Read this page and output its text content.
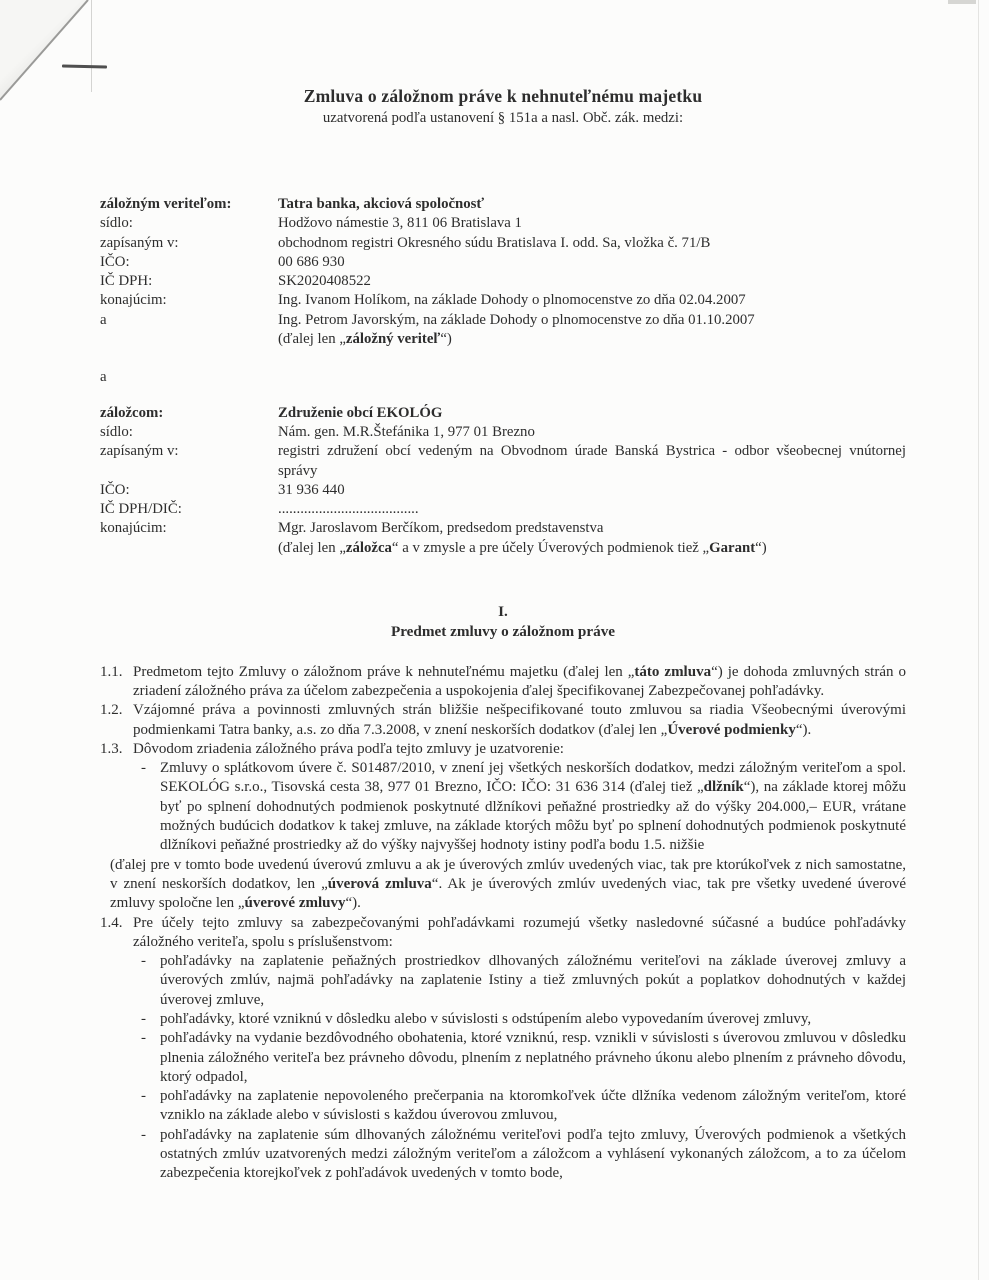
Zmluva o záložnom práve k nehnuteľnému majetku
uzatvorená podľa ustanovení § 151a a nasl. Obč. zák. medzi:
záložným veriteľom:	Tatra banka, akciová spoločnosť
sídlo:	Hodžovo námestie 3, 811 06 Bratislava 1
zapísaným v:	obchodnom registri Okresného súdu Bratislava I. odd. Sa, vložka č. 71/B
IČO:	00 686 930
IČ DPH:	SK2020408522
konajúcim:	Ing. Ivanom Holíkom, na základe Dohody o plnomocenstve zo dňa 02.04.2007
a	Ing. Petrom Javorským, na základe Dohody o plnomocenstve zo dňa 01.10.2007
(ďalej len „záložný veriteľ“)
a
záložcom:	Združenie obcí EKOLÓG
sídlo:	Nám. gen. M.R.Štefánika 1, 977 01 Brezno
zapísaným v:	registri združení obcí vedeným na Obvodnom úrade Banská Bystrica - odbor všeobecnej vnútornej správy
IČO:	31 936 440
IČ DPH/DIČ:	......................................
konajúcim:	Mgr. Jaroslavom Berčíkom, predsedom predstavenstva
(ďalej len „záložca“ a v zmysle a pre účely Úverových podmienok tiež „Garant“)
I.
Predmet zmluvy o záložnom práve
1.1. Predmetom tejto Zmluvy o záložnom práve k nehnuteľnému majetku (ďalej len „táto zmluva“) je dohoda zmluvných strán o zriadení záložného práva za účelom zabezpečenia a uspokojenia ďalej špecifikovanej Zabezpečovanej pohľadávky.
1.2. Vzájomné práva a povinnosti zmluvných strán bližšie nešpecifikované touto zmluvou sa riadia Všeobecnými úverovými podmienkami Tatra banky, a.s. zo dňa 7.3.2008, v znení neskorších dodatkov (ďalej len „Úverové podmienky“).
1.3. Dôvodom zriadenia záložného práva podľa tejto zmluvy je uzatvorenie:
- Zmluvy o splátkovom úvere č. S01487/2010, v znení jej všetkých neskorších dodatkov, medzi záložným veriteľom a spol. SEKOLÓG s.r.o., Tisovská cesta 38, 977 01 Brezno, IČO: IČO: 31 636 314 (ďalej tiež „dlžník“), na základe ktorej môžu byť po splnení dohodnutých podmienok poskytnuté dlžníkovi peňažné prostriedky až do výšky 204.000,– EUR, vrátane možných budúcich dodatkov k takej zmluve, na základe ktorých môžu byť po splnení dohodnutých podmienok poskytnuté dlžníkovi peňažné prostriedky až do výšky najvyššej hodnoty istiny podľa bodu 1.5. nižšie
(ďalej pre v tomto bode uvedenú úverovú zmluvu a ak je úverových zmlúv uvedených viac, tak pre ktorúkoľvek z nich samostatne, v znení neskorších dodatkov, len „úverová zmluva“. Ak je úverových zmlúv uvedených viac, tak pre všetky uvedené úverové zmluvy spoločne len „úverové zmluvy“).
1.4. Pre účely tejto zmluvy sa zabezpečovanými pohľadávkami rozumejú všetky nasledovné súčasné a budúce pohľadávky záložného veriteľa, spolu s príslušenstvom:
- pohľadávky na zaplatenie peňažných prostriedkov dlhovaných záložnému veriteľovi na základe úverovej zmluvy a úverových zmlúv, najmä pohľadávky na zaplatenie Istiny a tiež zmluvných pokút a poplatkov dohodnutých v každej úverovej zmluve,
- pohľadávky, ktoré vzniknú v dôsledku alebo v súvislosti s odstúpením alebo vypovedaním úverovej zmluvy,
- pohľadávky na vydanie bezdôvodného obohatenia, ktoré vzniknú, resp. vznikli v súvislosti s úverovou zmluvou v dôsledku plnenia záložného veriteľa bez právneho dôvodu, plnením z neplatného právneho úkonu alebo plnením z právneho dôvodu, ktorý odpadol,
- pohľadávky na zaplatenie nepovoleného prečerpania na ktoromkoľvek účte dlžníka vedenom záložným veriteľom, ktoré vzniklo na základe alebo v súvislosti s každou úverovou zmluvou,
- pohľadávky na zaplatenie súm dlhovaných záložnému veriteľovi podľa tejto zmluvy, Úverových podmienok a všetkých ostatných zmlúv uzatvorených medzi záložným veriteľom a záložcom a vyhlásení vykonaných záložcom, a to za účelom zabezpečenia ktorejkoľvek z pohľadávok uvedených v tomto bode,
